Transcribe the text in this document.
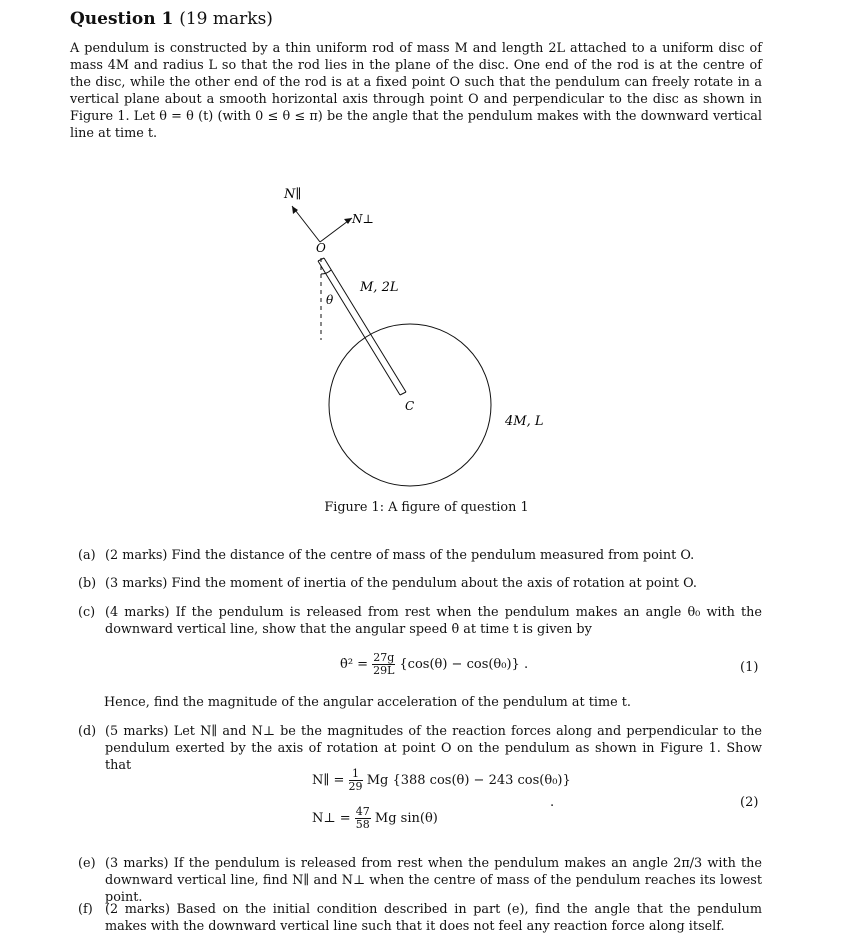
Question 1 (19 marks)
A pendulum is constructed by a thin uniform rod of mass M and length 2L attached to a uniform disc of mass 4M and radius L so that the rod lies in the plane of the disc. One end of the rod is at the centre of the disc, while the other end of the rod is at a fixed point O such that the pendulum can freely rotate in a vertical plane about a smooth horizontal axis through point O and perpendicular to the disc as shown in Figure 1. Let θ = θ (t) (with 0 ≤ θ ≤ π) be the angle that the pendulum makes with the downward vertical line at time t.
N∥
N⊥
O
θ
M, 2L
C
4M, L
Figure 1: A figure of question 1
(a) (2 marks) Find the distance of the centre of mass of the pendulum measured from point O.
(b) (3 marks) Find the moment of inertia of the pendulum about the axis of rotation at point O.
(c) (4 marks) If the pendulum is released from rest when the pendulum makes an angle θ₀ with the downward vertical line, show that the angular speed θ̇ at time t is given by
θ̇² = $\frac{27g}{29L} \{\cos(\theta) - \cos(\theta_0)\}$ .	(1)
Hence, find the magnitude of the angular acceleration of the pendulum at time t.
(d) (5 marks) Let N∥ and N⊥ be the magnitudes of the reaction forces along and perpendicular to the pendulum exerted by the axis of rotation at point O on the pendulum as shown in Figure 1. Show that
N∥ = $\frac{1}{29}$ Mg {388 cos(θ) − 243 cos(θ₀)}
N⊥ = $\frac{47}{58}$ Mg sin(θ)
.	(2)
(e) (3 marks) If the pendulum is released from rest when the pendulum makes an angle 2π/3 with the downward vertical line, find N∥ and N⊥ when the centre of mass of the pendulum reaches its lowest point.
(f) (2 marks) Based on the initial condition described in part (e), find the angle that the pendulum makes with the downward vertical line such that it does not feel any reaction force along itself.
